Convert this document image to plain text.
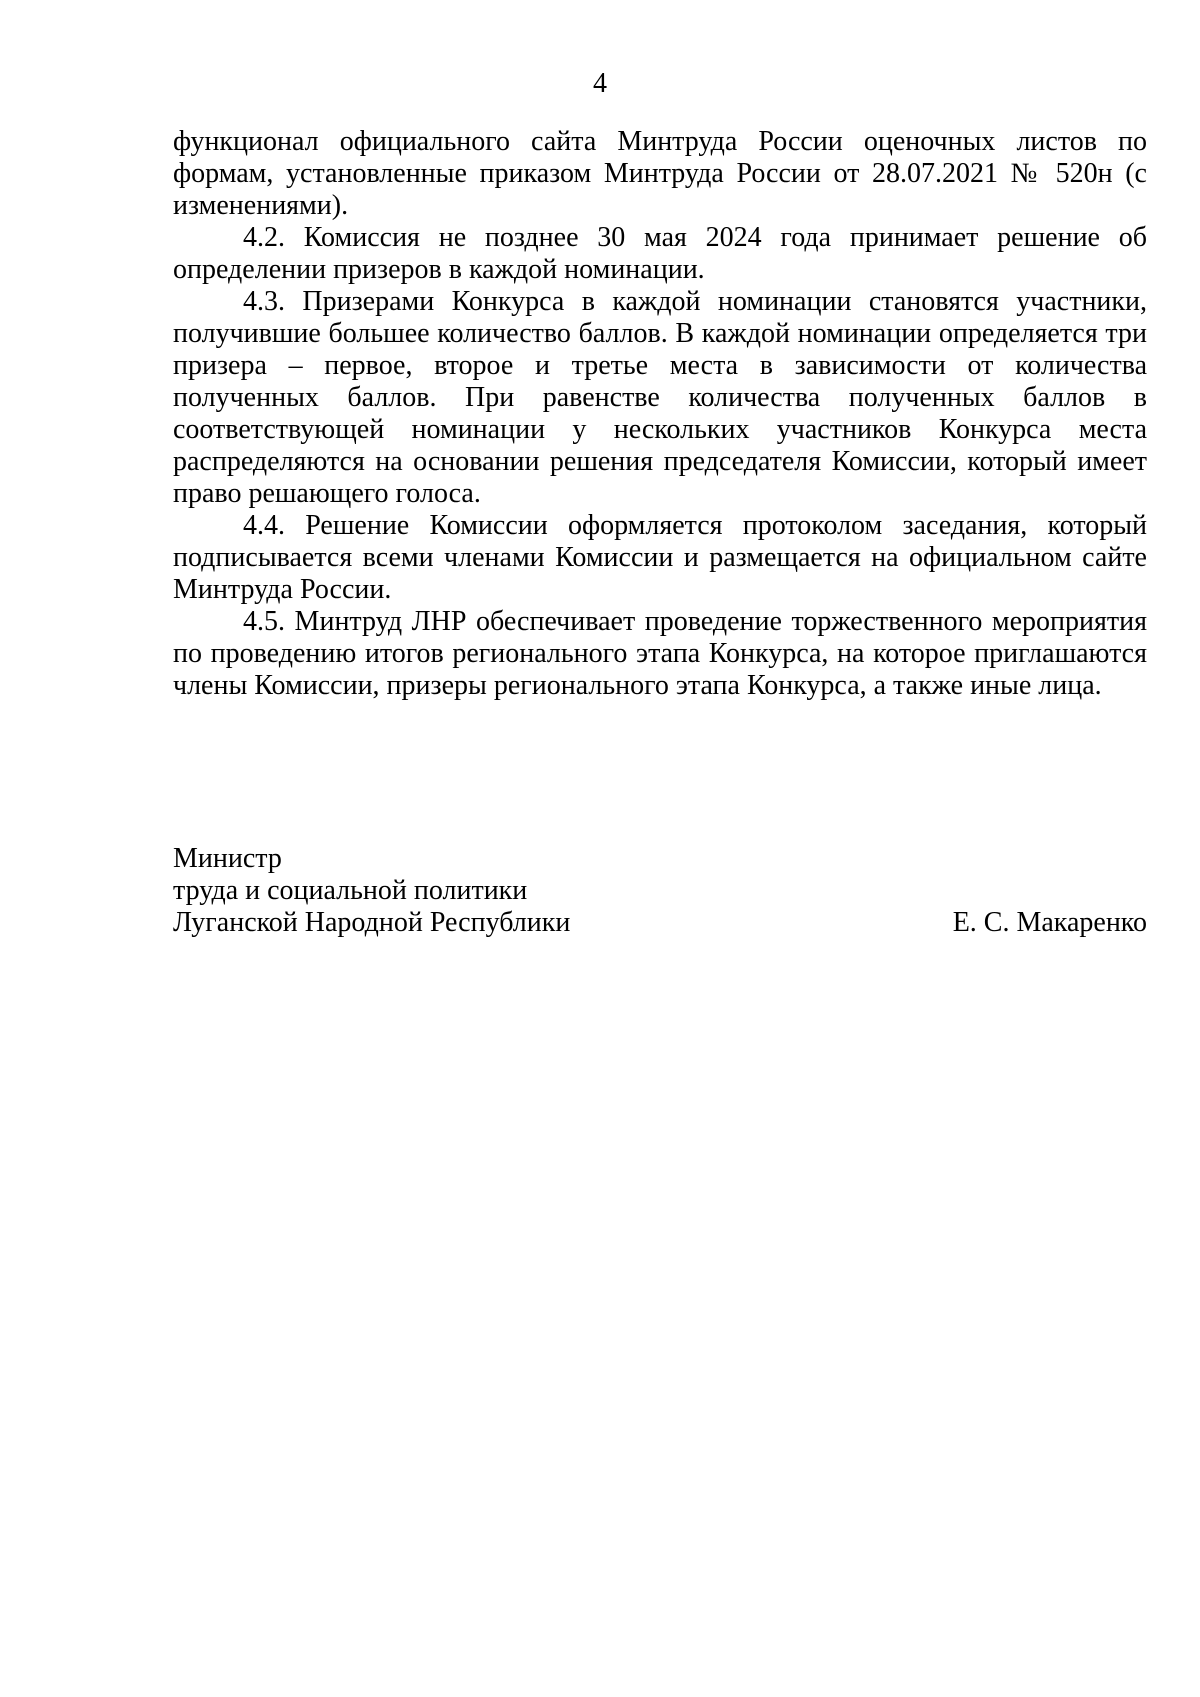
4

функционал официального сайта Минтруда России оценочных листов по формам, установленные приказом Минтруда России от 28.07.2021 № 520н (с изменениями).

4.2. Комиссия не позднее 30 мая 2024 года принимает решение об определении призеров в каждой номинации.

4.3. Призерами Конкурса в каждой номинации становятся участники, получившие большее количество баллов. В каждой номинации определяется три призера – первое, второе и третье места в зависимости от количества полученных баллов. При равенстве количества полученных баллов в соответствующей номинации у нескольких участников Конкурса места распределяются на основании решения председателя Комиссии, который имеет право решающего голоса.

4.4. Решение Комиссии оформляется протоколом заседания, который подписывается всеми членами Комиссии и размещается на официальном сайте Минтруда России.

4.5. Минтруд ЛНР обеспечивает проведение торжественного мероприятия по проведению итогов регионального этапа Конкурса, на которое приглашаются члены Комиссии, призеры регионального этапа Конкурса, а также иные лица.

Министр

труда и социальной политики

Луганской Народной Республики	Е. С. Макаренко
